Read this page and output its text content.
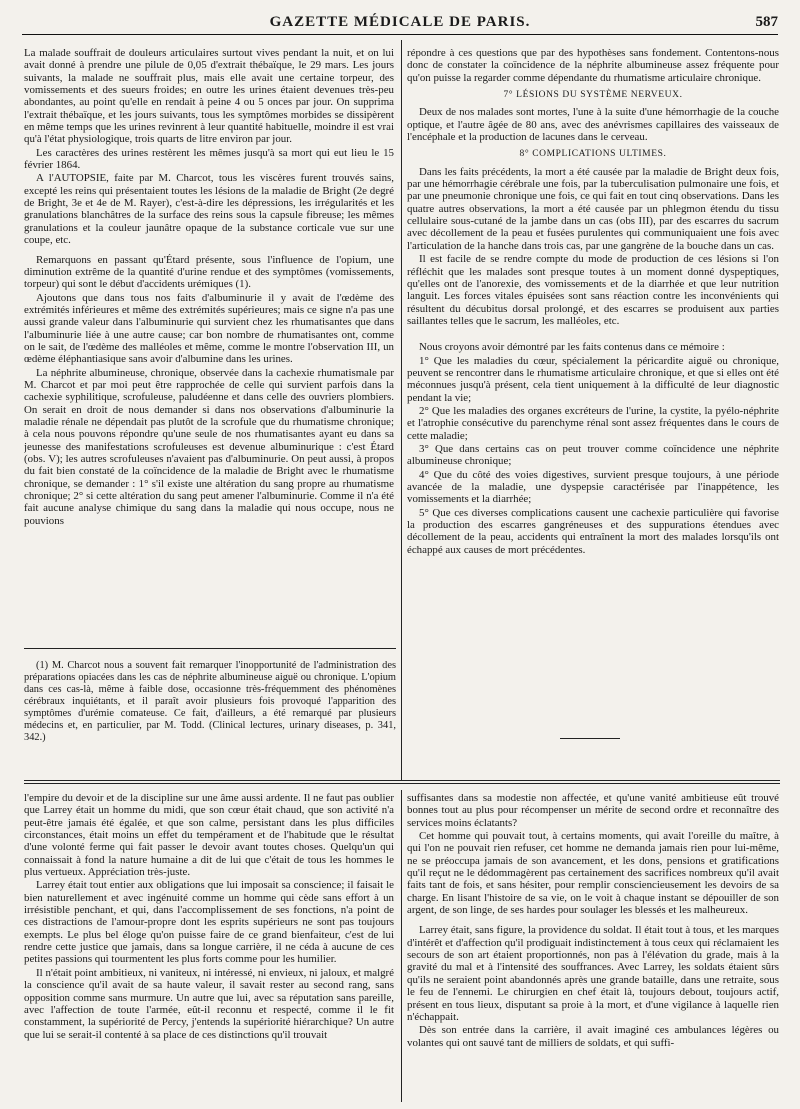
GAZETTE MÉDICALE DE PARIS.	587

La malade souffrait de douleurs articulaires surtout vives pendant la nuit, et on lui avait donné à prendre une pilule de 0,05 d'extrait thébaïque, le 29 mars. Les jours suivants, la malade ne souffrait plus, mais elle avait une certaine torpeur, des vomissements et des sueurs froides; en outre les urines étaient devenues très-peu abondantes, au point qu'elle en rendait à peine 4 ou 5 onces par jour. On supprima l'extrait thébaïque, et les jours suivants, tous les symptômes morbides se dissipèrent en même temps que les urines revinrent à leur quantité habituelle, moindre il est vrai qu'à l'état physiologique, trois quarts de litre environ par jour.

Les caractères des urines restèrent les mêmes jusqu'à sa mort qui eut lieu le 15 février 1864.

A l'AUTOPSIE, faite par M. Charcot, tous les viscères furent trouvés sains, excepté les reins qui présentaient toutes les lésions de la maladie de Bright (2e degré de Bright, 3e et 4e de M. Rayer), c'est-à-dire les dépressions, les irrégularités et les granulations blanchâtres de la surface des reins sous la capsule fibreuse; les mêmes granulations et la couleur jaunâtre opaque de la substance corticale vue sur une coupe, etc.

Remarquons en passant qu'Étard présente, sous l'influence de l'opium, une diminution extrême de la quantité d'urine rendue et des symptômes (vomissements, torpeur) qui sont le début d'accidents urémiques (1).

Ajoutons que dans tous nos faits d'albuminurie il y avait de l'œdème des extrémités inférieures et même des extrémités supérieures; mais ce signe n'a pas une aussi grande valeur dans l'albuminurie qui survient chez les rhumatisantes que dans l'albuminurie liée à une autre cause; car bon nombre de rhumatisantes ont, comme on le sait, de l'œdème des malléoles et même, comme le montre l'observation III, un œdème éléphantiasique sans avoir d'albumine dans les urines.

La néphrite albumineuse, chronique, observée dans la cachexie rhumatismale par M. Charcot et par moi peut être rapprochée de celle qui survient parfois dans la cachexie syphilitique, scrofuleuse, paludéenne et dans celle des ouvriers plombiers. On serait en droit de nous demander si dans nos observations d'albuminurie la maladie rénale ne dépendait pas plutôt de la scrofule que du rhumatisme chronique; à cela nous pouvons répondre qu'une seule de nos rhumatisantes ayant eu dans sa jeunesse des manifestations scrofuleuses est devenue albuminurique : c'est Étard (obs. V); les autres scrofuleuses n'avaient pas d'albuminurie. On peut aussi, à propos du fait bien constaté de la coïncidence de la maladie de Bright avec le rhumatisme chronique, se demander : 1° s'il existe une altération du sang propre au rhumatisme chronique; 2° si cette altération du sang peut amener l'albuminurie. Comme il n'a été fait aucune analyse chimique du sang dans la maladie qui nous occupe, nous ne pouvions

(1) M. Charcot nous a souvent fait remarquer l'inopportunité de l'administration des préparations opiacées dans les cas de néphrite albumineuse aiguë ou chronique. L'opium dans ces cas-là, même à faible dose, occasionne très-fréquemment des phénomènes cérébraux inquiétants, et il paraît avoir plusieurs fois provoqué l'apparition des symptômes d'urémie comateuse. Ce fait, d'ailleurs, a été remarqué par plusieurs médecins et, en particulier, par M. Todd. (Clinical lectures, urinary diseases, p. 341, 342.)

répondre à ces questions que par des hypothèses sans fondement. Contentons-nous donc de constater la coïncidence de la néphrite albumineuse assez fréquente pour qu'on puisse la regarder comme dépendante du rhumatisme articulaire chronique.

7° LÉSIONS DU SYSTÈME NERVEUX.

Deux de nos malades sont mortes, l'une à la suite d'une hémorrhagie de la couche optique, et l'autre âgée de 80 ans, avec des anévrismes capillaires des vaisseaux de l'encéphale et la production de lacunes dans le cerveau.

8° COMPLICATIONS ULTIMES.

Dans les faits précédents, la mort a été causée par la maladie de Bright deux fois, par une hémorrhagie cérébrale une fois, par la tuberculisation pulmonaire une fois, et par une pneumonie chronique une fois, ce qui fait en tout cinq observations. Dans les quatre autres observations, la mort a été causée par un phlegmon étendu du tissu cellulaire sous-cutané de la jambe dans un cas (obs III), par des escarres du sacrum avec décollement de la peau et fusées purulentes qui communiquaient une fois avec l'articulation de la hanche dans trois cas, par une gangrène de la bouche dans un cas.

Il est facile de se rendre compte du mode de production de ces lésions si l'on réfléchit que les malades sont presque toutes à un moment donné dyspeptiques, qu'elles ont de l'anorexie, des vomissements et de la diarrhée et que leur nutrition languit. Les forces vitales épuisées sont sans réaction contre les inconvénients qui résultent du décubitus dorsal prolongé, et des escarres se produisent aux parties saillantes telles que le sacrum, les malléoles, etc.

Nous croyons avoir démontré par les faits contenus dans ce mémoire :

1° Que les maladies du cœur, spécialement la péricardite aiguë ou chronique, peuvent se rencontrer dans le rhumatisme articulaire chronique, et que si elles ont été méconnues jusqu'à présent, cela tient uniquement à la difficulté de leur diagnostic pendant la vie;

2° Que les maladies des organes excréteurs de l'urine, la cystite, la pyélo-néphrite et l'atrophie consécutive du parenchyme rénal sont assez fréquentes dans le cours de cette maladie;

3° Que dans certains cas on peut trouver comme coïncidence une néphrite albumineuse chronique;

4° Que du côté des voies digestives, survient presque toujours, à une période avancée de la maladie, une dyspepsie caractérisée par l'inappétence, les vomissements et la diarrhée;

5° Que ces diverses complications causent une cachexie particulière qui favorise la production des escarres gangréneuses et des suppurations étendues avec décollement de la peau, accidents qui entraînent la mort des malades lorsqu'ils ont échappé aux causes de mort précédentes.

l'empire du devoir et de la discipline sur une âme aussi ardente. Il ne faut pas oublier que Larrey était un homme du midi, que son cœur était chaud, que son activité n'a peut-être jamais été égalée, et que son calme, persistant dans les plus difficiles circonstances, était moins un effet du tempérament et de l'habitude que le résultat d'une volonté ferme qui fait passer le devoir avant toutes choses. Quelqu'un qui connaissait à fond la nature humaine a dit de lui que c'était de tous les hommes le plus vertueux. Appréciation très-juste.

Larrey était tout entier aux obligations que lui imposait sa conscience; il faisait le bien naturellement et avec ingénuité comme un homme qui cède sans effort à un irrésistible penchant, et qui, dans l'accomplissement de ses fonctions, n'a point de ces distractions de l'amour-propre dont les esprits supérieurs ne sont pas toujours exempts. Le plus bel éloge qu'on puisse faire de ce grand bienfaiteur, c'est de lui rendre cette justice que jamais, dans sa longue carrière, il ne céda à aucune de ces petites passions qui tourmentent les plus forts comme pour les humilier.

Il n'était point ambitieux, ni vaniteux, ni intéressé, ni envieux, ni jaloux, et malgré la conscience qu'il avait de sa haute valeur, il savait rester au second rang, sans opposition comme sans murmure. Un autre que lui, avec sa réputation sans pareille, avec l'affection de toute l'armée, eût-il reconnu et respecté, comme il le fit constamment, la supériorité de Percy, j'entends la supériorité hiérarchique? Un autre que lui se serait-il contenté à sa place de ces distinctions qu'il trouvait

suffisantes dans sa modestie non affectée, et qu'une vanité ambitieuse eût trouvé bonnes tout au plus pour récompenser un mérite de second ordre et reconnaître des services moins éclatants?

Cet homme qui pouvait tout, à certains moments, qui avait l'oreille du maître, à qui l'on ne pouvait rien refuser, cet homme ne demanda jamais rien pour lui-même, ne se préoccupa jamais de son avancement, et les dons, pensions et gratifications qu'il reçut ne le dédommagèrent pas certainement des sacrifices nombreux qu'il avait faits tant de fois, et sans hésiter, pour remplir consciencieusement les devoirs de sa charge. En lisant l'histoire de sa vie, on le voit à chaque instant se dépouiller de son argent, de son linge, de ses hardes pour soulager les blessés et les malheureux.

Larrey était, sans figure, la providence du soldat. Il était tout à tous, et les marques d'intérêt et d'affection qu'il prodiguait indistinctement à tous ceux qui réclamaient les secours de son art étaient proportionnés, non pas à l'élévation du grade, mais à la gravité du mal et à l'intensité des souffrances. Avec Larrey, les soldats étaient sûrs qu'ils ne seraient point abandonnés après une grande bataille, dans une retraite, sous le feu de l'ennemi. Le chirurgien en chef était là, toujours debout, toujours actif, présent en tous lieux, disputant sa proie à la mort, et d'une vigilance à laquelle rien n'échappait.

Dès son entrée dans la carrière, il avait imaginé ces ambulances légères ou volantes qui ont sauvé tant de milliers de soldats, et qui suffi-
